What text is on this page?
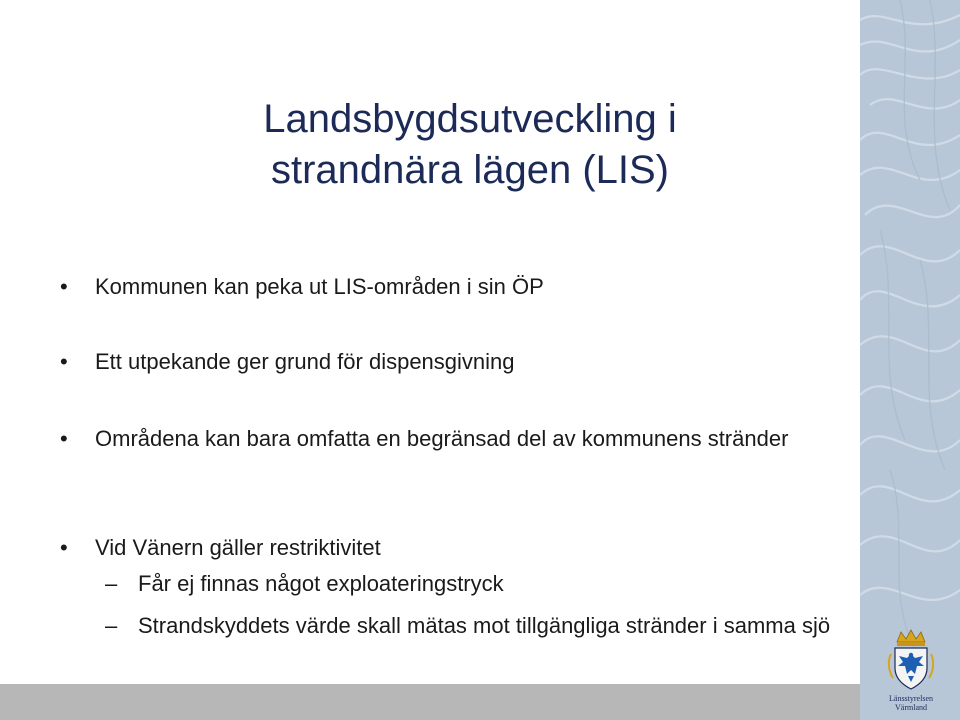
Landsbygdsutveckling i
strandnära lägen (LIS)
• Kommunen kan peka ut LIS-områden i sin ÖP
• Ett utpekande ger grund för dispensgivning
• Områdena kan bara omfatta en begränsad del av kommunens stränder
• Vid Vänern gäller restriktivitet
– Får ej finnas något exploateringstryck
– Strandskyddets värde skall mätas mot tillgängliga stränder i samma sjö
Länsstyrelsen
Värmland
